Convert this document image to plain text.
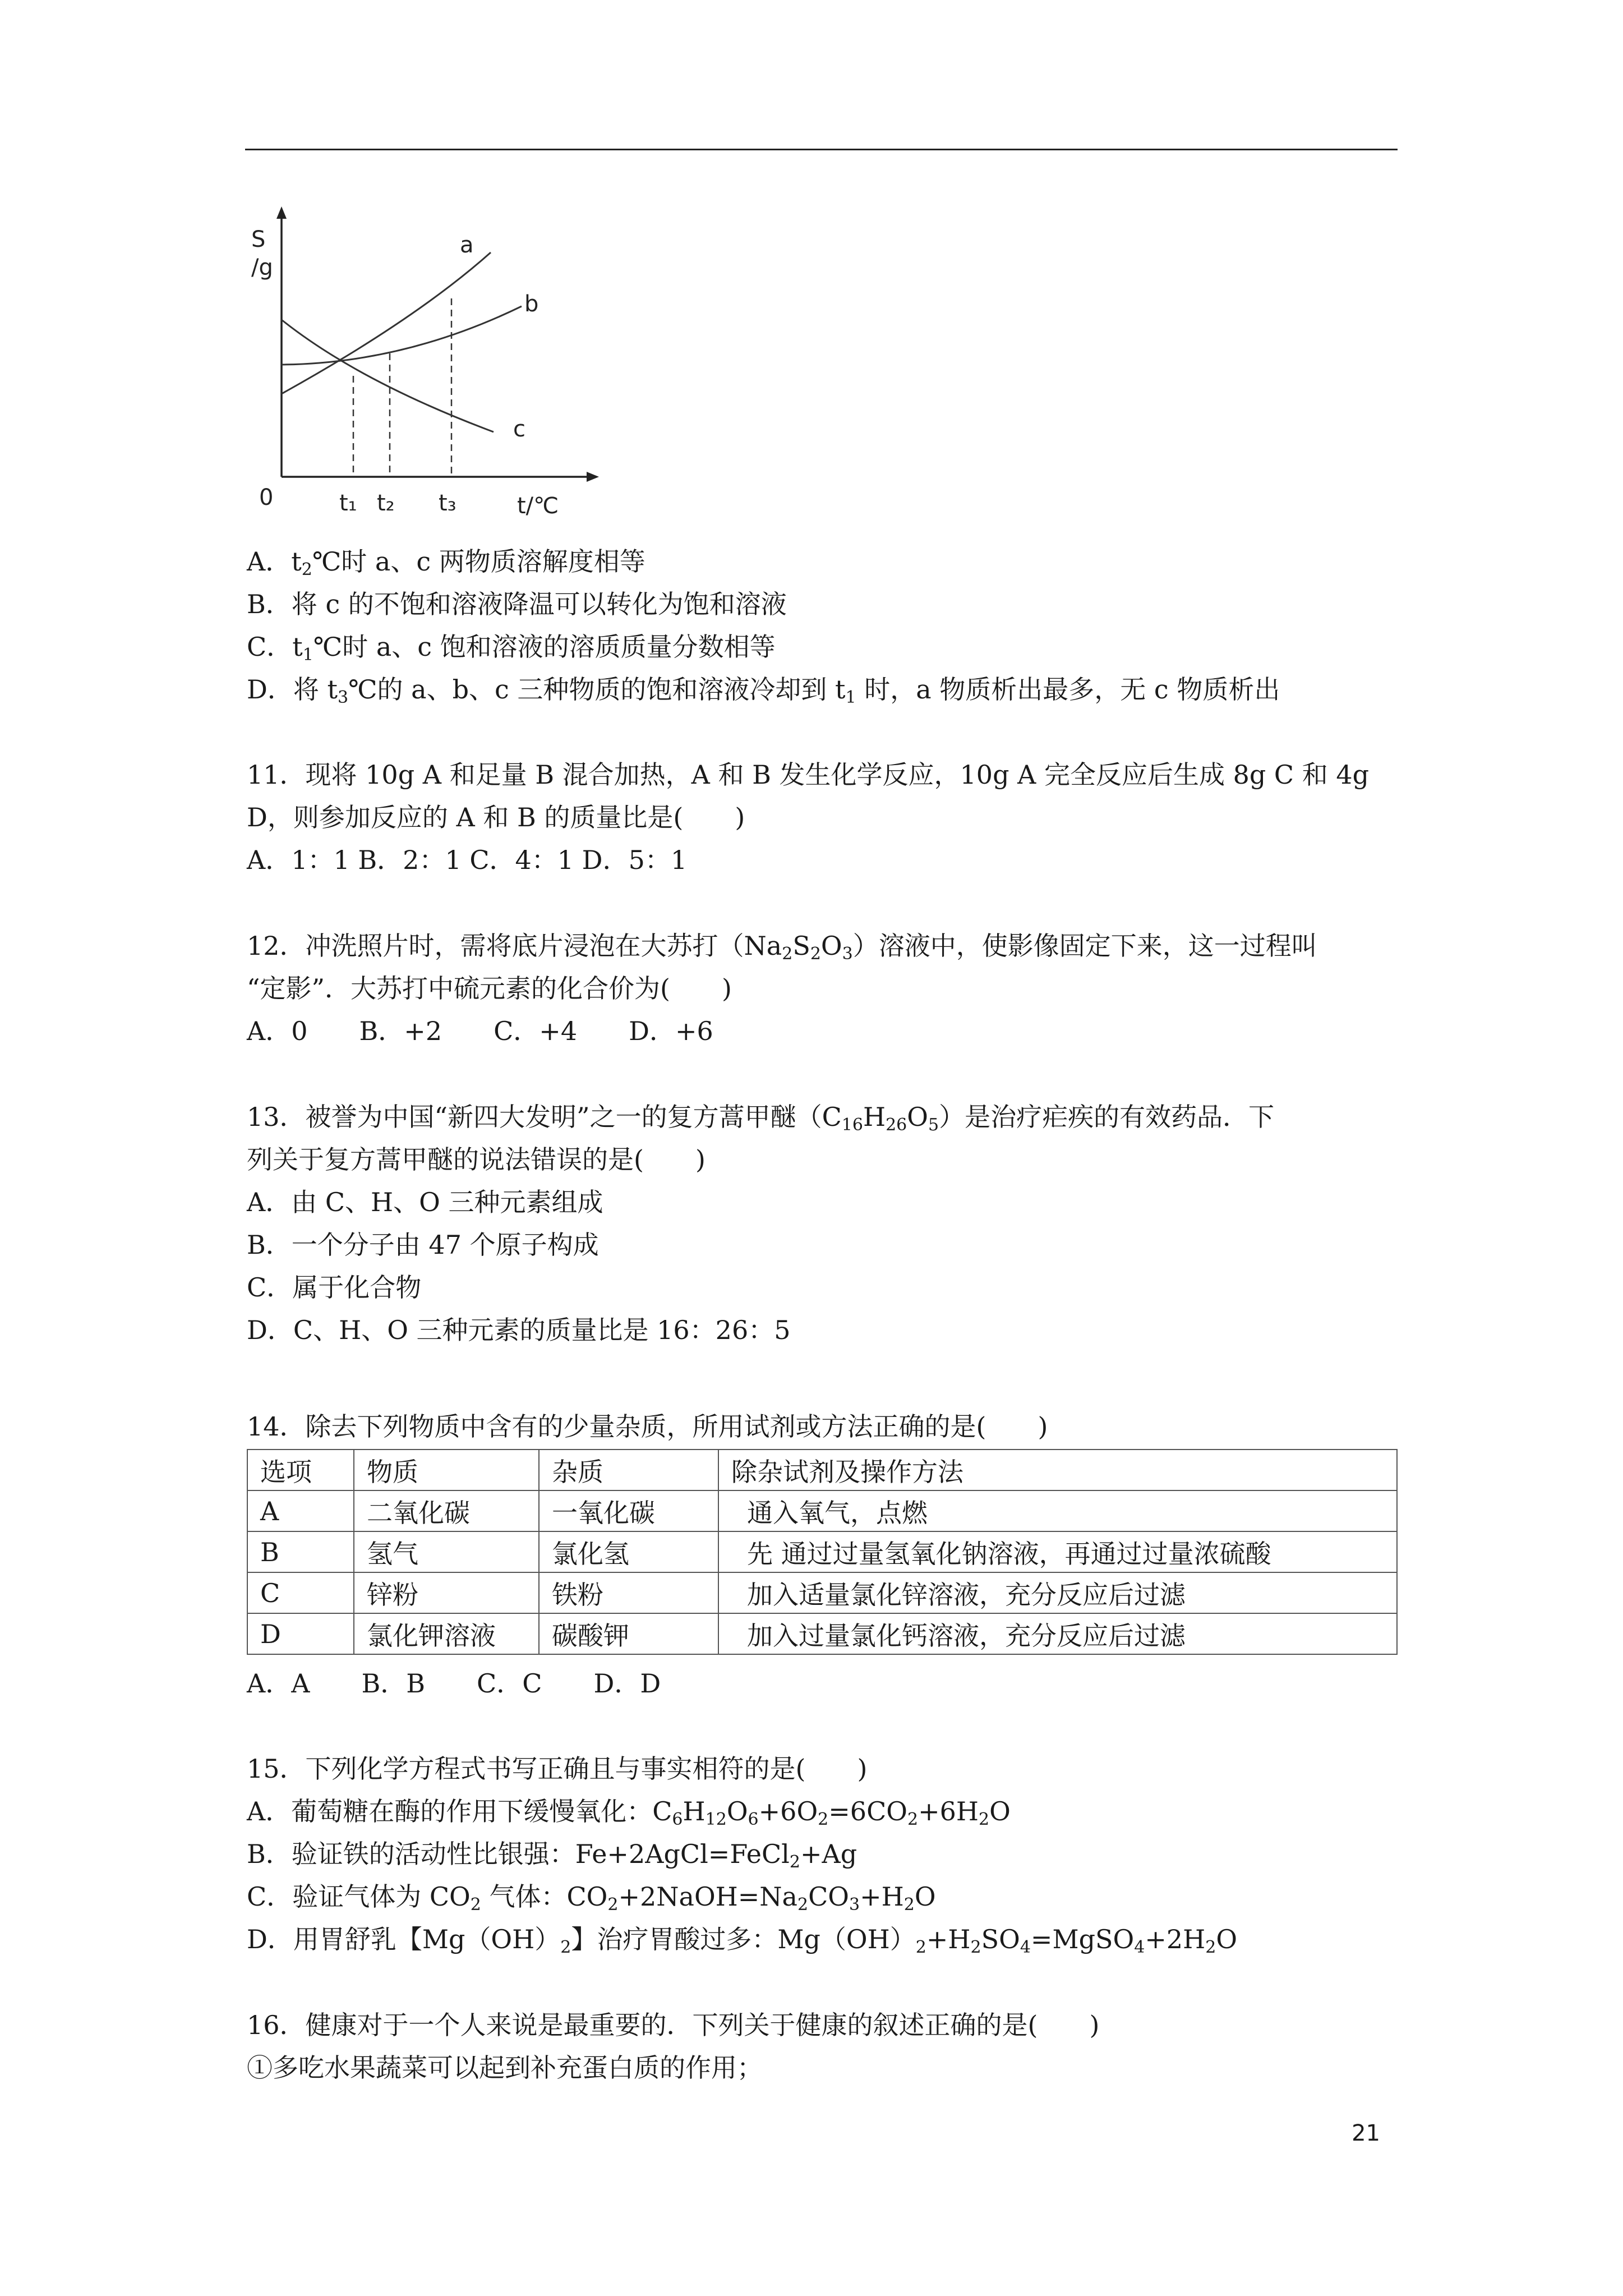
S
/g
0	t₁ t₂ t₃	t/℃
a
b
c
A．$t_2℃$时 a、c 两物质溶解度相等
B．将 c 的不饱和溶液降温可以转化为饱和溶液
C．$t_1℃$时 a、c 饱和溶液的溶质质量分数相等
D．将 $t_3℃$的 a、b、c 三种物质的饱和溶液冷却到 $t_1$ 时，a 物质析出最多，无 c 物质析出
11．现将 10g A 和足量 B 混合加热，A 和 B 发生化学反应，10g A 完全反应后生成 8g C 和 4g
D，则参加反应的 A 和 B 的质量比是(　　)
A．1：1 B．2：1 C．4：1 D．5：1
12．冲洗照片时，需将底片浸泡在大苏打$(Na_2S_2O_3)$溶液中，使影像固定下来，这一过程叫
“定影”．大苏打中硫元素的化合价为(　　)
A．0　　B．+2　　C．+4　　D．+6
13．被誉为中国“新四大发明”之一的复方蒿甲醚$(C_{16}H_{26}O_5)$是治疗疟疾的有效药品．下
列关于复方蒿甲醚的说法错误的是(　　)
A．由 C、H、O 三种元素组成
B．一个分子由 47 个原子构成
C．属于化合物
D．C、H、O 三种元素的质量比是 16：26：5
14．除去下列物质中含有的少量杂质，所用试剂或方法正确的是(　　)
选项	物质	杂质	除杂试剂及操作方法
A	二氧化碳	一氧化碳	通入氧气，点燃
B	氢气	氯化氢	先 通过过量氢氧化钠溶液，再通过过量浓硫酸
C	锌粉	铁粉	加入适量氯化锌溶液，充分反应后过滤
D	氯化钾溶液	碳酸钾	加入过量氯化钙溶液，充分反应后过滤
A．A　　B．B　　C．C　　D．D
15．下列化学方程式书写正确且与事实相符的是(　　)
A．葡萄糖在酶的作用下缓慢氧化：$C_6H_{12}O_6+6O_2=6CO_2+6H_2O$
B．验证铁的活动性比银强：Fe+2AgCl=FeCl$_2$+Ag
C．验证气体为 $CO_2$ 气体：$CO_2+2NaOH=Na_2CO_3+H_2O$
D．用胃舒乳【$Mg(OH)_2$】治疗胃酸过多：$Mg(OH)_2+H_2SO_4=MgSO_4+2H_2O$
16．健康对于一个人来说是最重要的．下列关于健康的叙述正确的是(　　)
①多吃水果蔬菜可以起到补充蛋白质的作用；
21
